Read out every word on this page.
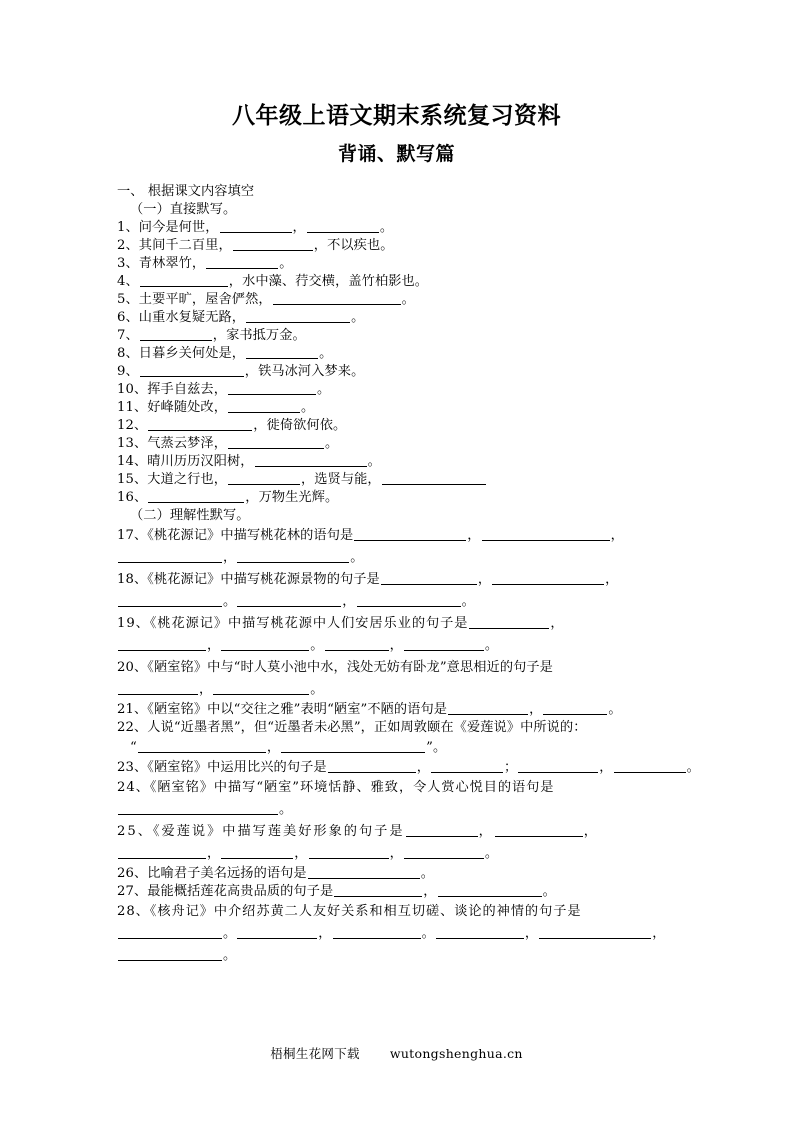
八年级上语文期末系统复习资料
背诵、默写篇
一、 根据课文内容填空
（一）直接默写。
1、问今是何世，	，	。
2、其间千二百里，	，不以疾也。
3、青林翠竹，	。
4、	，水中藻、荇交横，盖竹柏影也。
5、土要平旷，屋舍俨然，	。
6、山重水复疑无路，	。
7、	，家书抵万金。
8、日暮乡关何处是，	。
9、	，铁马冰河入梦来。
10、挥手自兹去，	。
11、好峰随处改，	。
12、	，徙倚欲何依。
13、气蒸云梦泽，	。
14、晴川历历汉阳树，	。
15、大道之行也，	，选贤与能，
16、	，万物生光辉。
（二）理解性默写。
17、《桃花源记》中描写桃花林的语句是	，	，
，	。
18、《桃花源记》中描写桃花源景物的句子是	，	，
。	，	。
19、《桃花源记》中描写桃花源中人们安居乐业的句子是	，
，	。	，	。
20、《陋室铭》中与“时人莫小池中水，浅处无妨有卧龙”意思相近的句子是
，	。
21、《陋室铭》中以“交往之雅”表明“陋室”不陋的语句是	，	。
22、人说“近墨者黑”，但“近墨者未必黑”，正如周敦颐在《爱莲说》中所说的：
“	，	”。
23、《陋室铭》中运用比兴的句子是	，	；	，	。
24、《陋室铭》中描写“陋室”环境恬静、雅致，令人赏心悦目的语句是
。
25、《爱莲说》中描写莲美好形象的句子是	，	，
，	，	，	。
26、比喻君子美名远扬的语句是	。
27、最能概括莲花高贵品质的句子是	，	。
28、《核舟记》中介绍苏黄二人友好关系和相互切磋、谈论的神情的句子是
。	，	。	，	，
。
梧桐生花网下载 wutongshenghua.cn
